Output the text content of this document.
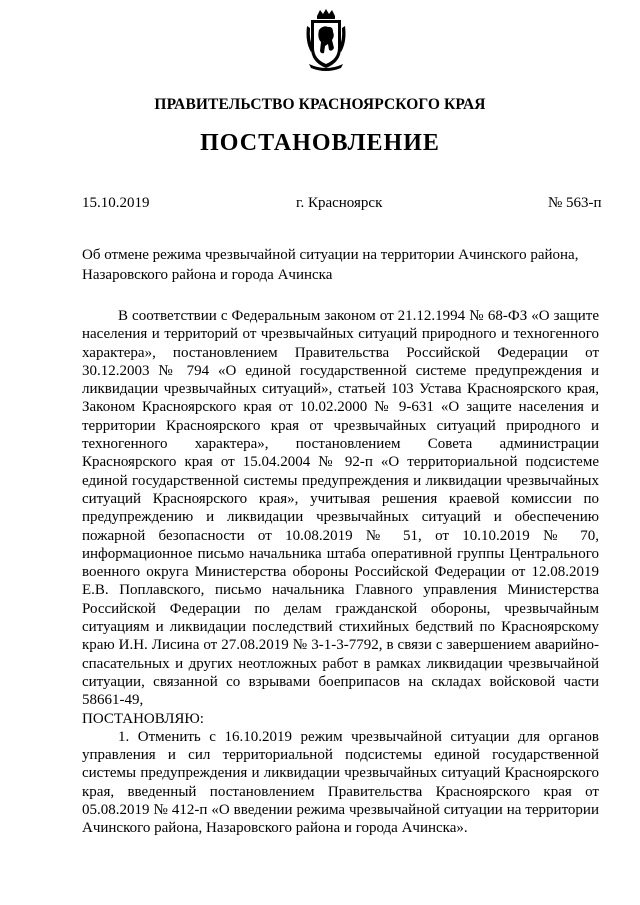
ПРАВИТЕЛЬСТВО КРАСНОЯРСКОГО КРАЯ
ПОСТАНОВЛЕНИЕ
15.10.2019	г. Красноярск	№ 563-п
Об отмене режима чрезвычайной ситуации на территории Ачинского района, Назаровского района и города Ачинска

В соответствии с Федеральным законом от 21.12.1994 № 68-ФЗ «О защите населения и территорий от чрезвычайных ситуаций природного и техногенного характера», постановлением Правительства Российской Федерации от 30.12.2003 № 794 «О единой государственной системе предупреждения и ликвидации чрезвычайных ситуаций», статьей 103 Устава Красноярского края, Законом Красноярского края от 10.02.2000 № 9-631 «О защите населения и территории Красноярского края от чрезвычайных ситуаций природного и техногенного характера», постановлением Совета администрации Красноярского края от 15.04.2004 № 92-п «О территориальной подсистеме единой государственной системы предупреждения и ликвидации чрезвычайных ситуаций Красноярского края», учитывая решения краевой комиссии по предупреждению и ликвидации чрезвычайных ситуаций и обеспечению пожарной безопасности от 10.08.2019 № 51, от 10.10.2019 № 70, информационное письмо начальника штаба оперативной группы Центрального военного округа Министерства обороны Российской Федерации от 12.08.2019 Е.В. Поплавского, письмо начальника Главного управления Министерства Российской Федерации по делам гражданской обороны, чрезвычайным ситуациям и ликвидации последствий стихийных бедствий по Красноярскому краю И.Н. Лисина от 27.08.2019 № 3-1-3-7792, в связи с завершением аварийно-спасательных и других неотложных работ в рамках ликвидации чрезвычайной ситуации, связанной со взрывами боеприпасов на складах войсковой части 58661-49,

ПОСТАНОВЛЯЮ:

1. Отменить с 16.10.2019 режим чрезвычайной ситуации для органов управления и сил территориальной подсистемы единой государственной системы предупреждения и ликвидации чрезвычайных ситуаций Красноярского края, введенный постановлением Правительства Красноярского края от 05.08.2019 № 412-п «О введении режима чрезвычайной ситуации на территории Ачинского района, Назаровского района и города Ачинска».
